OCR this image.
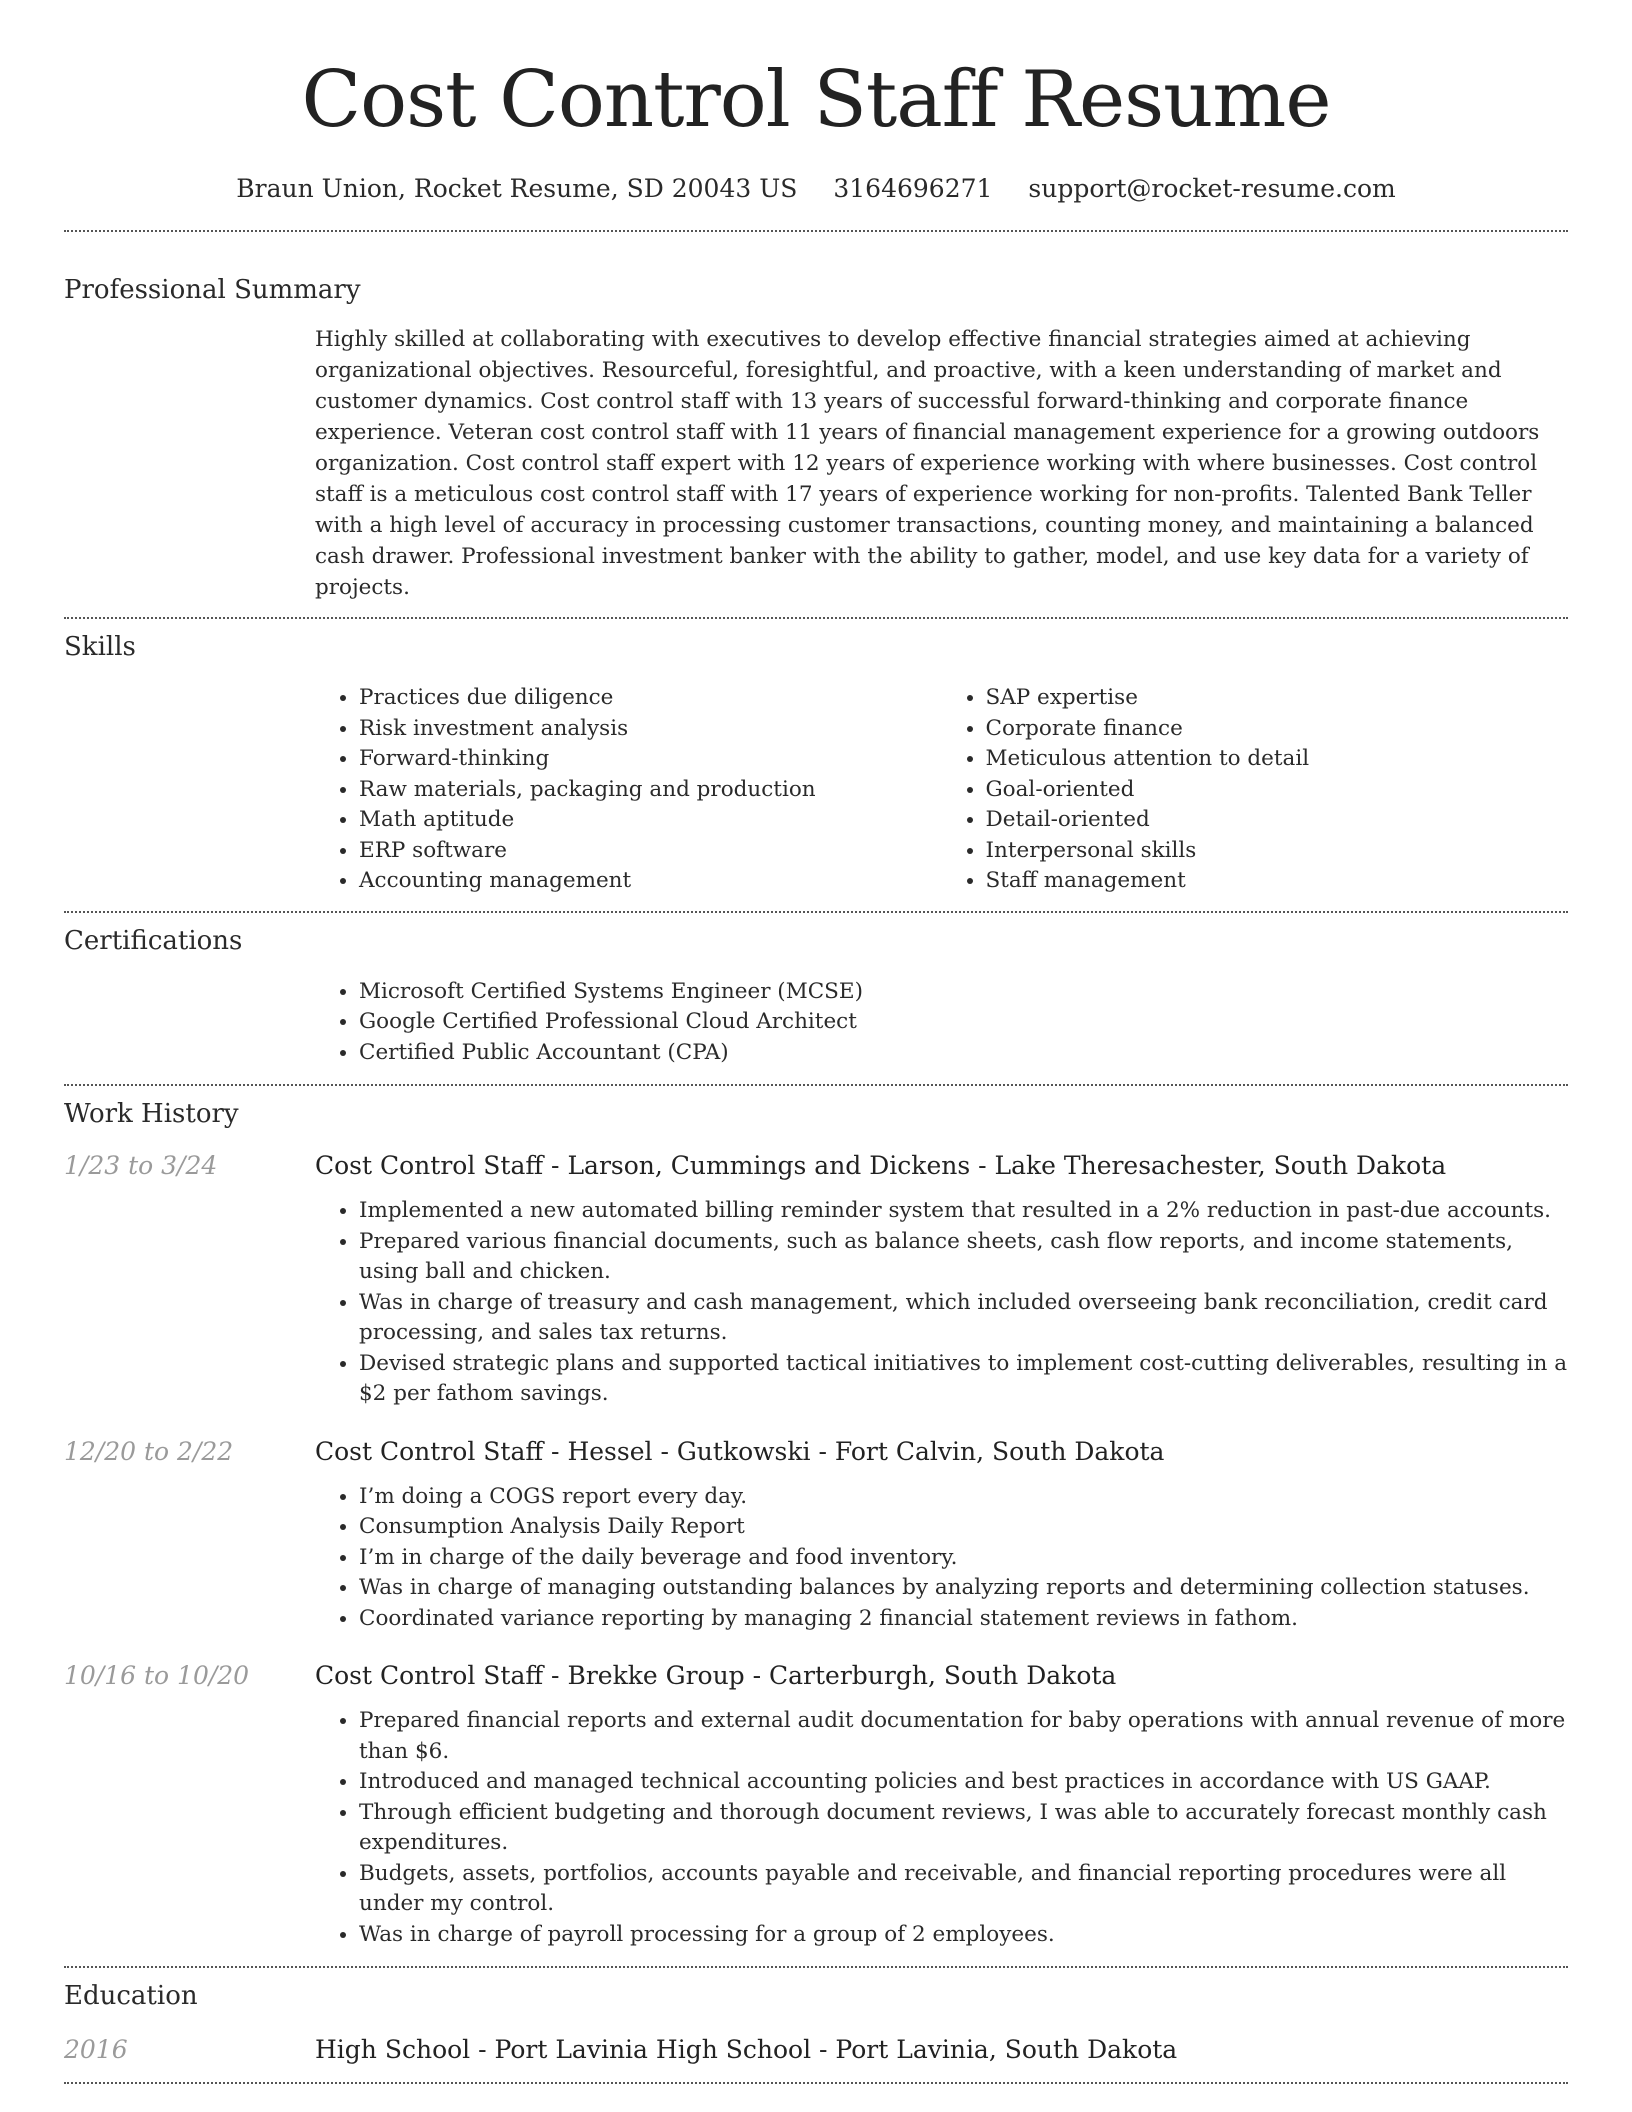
Cost Control Staff Resume
Braun Union, Rocket Resume, SD 20043 US 3164696271 support@rocket-resume.com
Professional Summary

Highly skilled at collaborating with executives to develop effective financial strategies aimed at achieving organizational objectives. Resourceful, foresightful, and proactive, with a keen understanding of market and customer dynamics. Cost control staff with 13 years of successful forward-thinking and corporate finance experience. Veteran cost control staff with 11 years of financial management experience for a growing outdoors organization. Cost control staff expert with 12 years of experience working with where businesses. Cost control staff is a meticulous cost control staff with 17 years of experience working for non-profits. Talented Bank Teller with a high level of accuracy in processing customer transactions, counting money, and maintaining a balanced cash drawer. Professional investment banker with the ability to gather, model, and use key data for a variety of projects.

Skills
• Practices due diligence
• Risk investment analysis
• Forward-thinking
• Raw materials, packaging and production
• Math aptitude
• ERP software
• Accounting management
• SAP expertise
• Corporate finance
• Meticulous attention to detail
• Goal-oriented
• Detail-oriented
• Interpersonal skills
• Staff management
Certifications
• Microsoft Certified Systems Engineer (MCSE)
• Google Certified Professional Cloud Architect
• Certified Public Accountant (CPA)
Work History
1/23 to 3/24	Cost Control Staff - Larson, Cummings and Dickens - Lake Theresachester, South Dakota
• Implemented a new automated billing reminder system that resulted in a 2% reduction in past-due accounts.
• Prepared various financial documents, such as balance sheets, cash flow reports, and income statements, using ball and chicken.
• Was in charge of treasury and cash management, which included overseeing bank reconciliation, credit card processing, and sales tax returns.
• Devised strategic plans and supported tactical initiatives to implement cost-cutting deliverables, resulting in a $2 per fathom savings.
12/20 to 2/22	Cost Control Staff - Hessel - Gutkowski - Fort Calvin, South Dakota
• I’m doing a COGS report every day.
• Consumption Analysis Daily Report
• I’m in charge of the daily beverage and food inventory.
• Was in charge of managing outstanding balances by analyzing reports and determining collection statuses.
• Coordinated variance reporting by managing 2 financial statement reviews in fathom.
10/16 to 10/20	Cost Control Staff - Brekke Group - Carterburgh, South Dakota
• Prepared financial reports and external audit documentation for baby operations with annual revenue of more than $6.
• Introduced and managed technical accounting policies and best practices in accordance with US GAAP.
• Through efficient budgeting and thorough document reviews, I was able to accurately forecast monthly cash expenditures.
• Budgets, assets, portfolios, accounts payable and receivable, and financial reporting procedures were all under my control.
• Was in charge of payroll processing for a group of 2 employees.
Education
2016	High School - Port Lavinia High School - Port Lavinia, South Dakota
